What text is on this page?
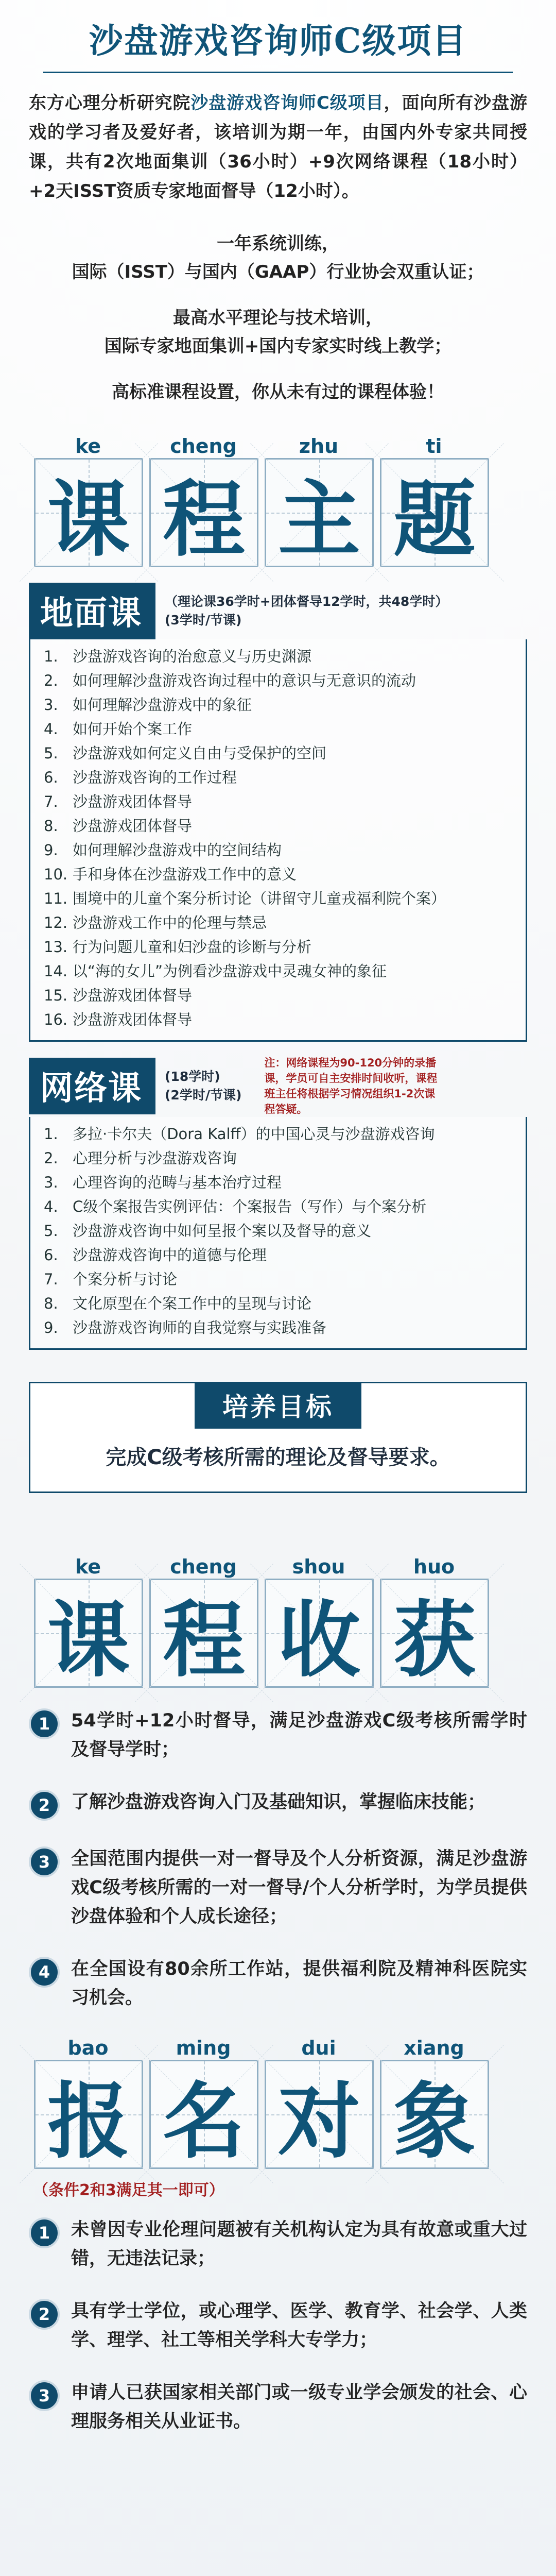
沙盘游戏咨询师C级项目
东方心理分析研究院沙盘游戏咨询师C级项目，面向所有沙盘游戏的学习者及爱好者，该培训为期一年，由国内外专家共同授课，共有2次地面集训（36小时）+9次网络课程（18小时）+2天ISST资质专家地面督导（12小时）。
一年系统训练，
国际（ISST）与国内（GAAP）行业协会双重认证；
最高水平理论与技术培训，
国际专家地面集训+国内专家实时线上教学；
高标准课程设置，你从未有过的课程体验！
ke
课
cheng
程
zhu
主
ti
题
地面课	（理论课36学时+团体督导12学时，共48学时）
(3学时/节课)
1. 沙盘游戏咨询的治愈意义与历史渊源
2. 如何理解沙盘游戏咨询过程中的意识与无意识的流动
3. 如何理解沙盘游戏中的象征
4. 如何开始个案工作
5. 沙盘游戏如何定义自由与受保护的空间
6. 沙盘游戏咨询的工作过程
7. 沙盘游戏团体督导
8. 沙盘游戏团体督导
9. 如何理解沙盘游戏中的空间结构
10. 手和身体在沙盘游戏工作中的意义
11. 围境中的儿童个案分析讨论（讲留守儿童戎福利院个案）
12. 沙盘游戏工作中的伦理与禁忌
13. 行为问题儿童和妇沙盘的诊断与分析
14. 以“海的女儿”为例看沙盘游戏中灵魂女神的象征
15. 沙盘游戏团体督导
16. 沙盘游戏团体督导
网络课	(18学时)
(2学时/节课)
注：网络课程为90-120分钟的录播课，学员可自主安排时间收听，课程班主任将根据学习情况组织1-2次课程答疑。
1. 多拉·卡尔夫（Dora Kalff）的中国心灵与沙盘游戏咨询
2. 心理分析与沙盘游戏咨询
3. 心理咨询的范畴与基本治疗过程
4. C级个案报告实例评估：个案报告（写作）与个案分析
5. 沙盘游戏咨询中如何呈报个案以及督导的意义
6. 沙盘游戏咨询中的道德与伦理
7. 个案分析与讨论
8. 文化原型在个案工作中的呈现与讨论
9. 沙盘游戏咨询师的自我觉察与实践准备
培养目标
完成C级考核所需的理论及督导要求。
ke
课
cheng
程
shou
收
huo
获
1	54学时+12小时督导，满足沙盘游戏C级考核所需学时及督导学时；
2	了解沙盘游戏咨询入门及基础知识，掌握临床技能；
3	全国范围内提供一对一督导及个人分析资源，满足沙盘游戏C级考核所需的一对一督导/个人分析学时，为学员提供沙盘体验和个人成长途径；
4	在全国设有80余所工作站，提供福利院及精神科医院实习机会。
bao
报
ming
名
dui
对
xiang
象
（条件2和3满足其一即可）
1	未曾因专业伦理问题被有关机构认定为具有故意或重大过错，无违法记录；
2	具有学士学位，或心理学、医学、教育学、社会学、人类学、理学、社工等相关学科大专学力；
3	申请人已获国家相关部门或一级专业学会颁发的社会、心理服务相关从业证书。
